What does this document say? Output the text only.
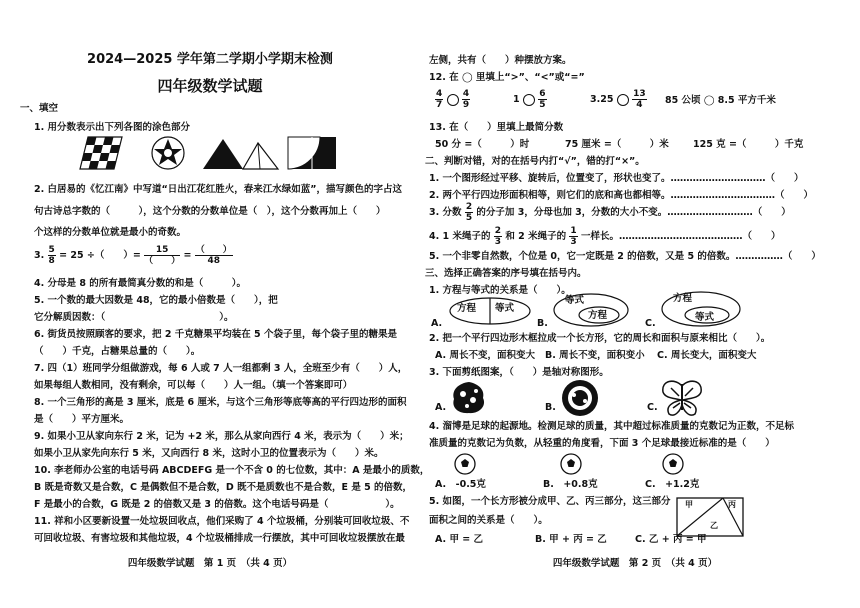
2024—2025 学年第二学期小学期末检测
四年级数学试题
一、填空
1. 用分数表示出下列各图的涂色部分
2. 白居易的《忆江南》中写道“日出江花红胜火，春来江水绿如蓝”，描写颜色的字占这
句古诗总字数的（　　　），这个分数的分数单位是（　），这个分数再加上（　　）
个这样的分数单位就是最小的奇数。
3. $\frac{5}{8} = 25$ ÷（　　）= $\frac{15}{( )} = \frac{( )}{48}$
4. 分母是 8 的所有最简真分数的和是（　　　）。
5. 一个数的最大因数是 48，它的最小倍数是（　　），把
它分解质因数：（　　　　　　　　　　　　）。
6. 街货员按照顾客的要求，把 2 千克糖果平均装在 5 个袋子里，每个袋子里的糖果是
（　　）千克，占糖果总量的（　　）。
7. 四（1）班同学分组做游戏，每 6 人或 7 人一组都剩 3 人，全班至少有（　　）人，
如果每组人数相同，没有剩余，可以每（　　）人一组。（填一个答案即可）
8. 一个三角形的高是 3 厘米，底是 6 厘米，与这个三角形等底等高的平行四边形的面积
是（　　）平方厘米。
9. 如果小卫从家向东行 2 米，记为 +2 米，那么从家向西行 4 米，表示为（　　）米；
如果小卫从家先向东行 5 米，又向西行 8 米，这时小卫的位置表示为（　　）米。
10. 李老师办公室的电话号码 ABCDEFG 是一个不含 0 的七位数，其中：A 是最小的质数，
B 既是奇数又是合数，C 是偶数但不是合数，D 既不是质数也不是合数，E 是 5 的倍数，
F 是最小的合数，G 既是 2 的倍数又是 3 的倍数。这个电话号码是（　　　　　　）。
11. 祥和小区要新设置一处垃圾回收点，他们采购了 4 个垃圾桶，分别装可回收垃圾、不
可回收垃圾、有害垃圾和其他垃圾，4 个垃圾桶排成一行摆放，其中可回收垃圾摆放在最
四年级数学试题　第 1 页　（共 4 页）
左侧，共有（　　）种摆放方案。
12. 在 ◯ 里填上“>”、“<”或“=”
$\frac{4}{7}$
$\frac{4}{9}$	$1 \frac{6}{5}$	$3.25 \frac{13}{4} 85$ 公顷 ◯ 8.5 平方千米
13. 在（　　）里填上最简分数
50 分 =（　　　）时	75 厘米 =（　　　）米	125 克 =（　　　）千克
二、判断对错，对的在括号内打“√”，错的打“×”。
1. 一个图形经过平移、旋转后，位置变了，形状也变了。…………………………（　　）
2. 两个平行四边形面积相等，则它们的底和高也都相等。……………………………（　　）
3. 分数 $\frac{2}{5}$ 的分子加 3，分母也加 3，分数的大小不变。………………………（　　）
4. 1 米绳子的 $\frac{2}{3}$ 和 2 米绳子的 $\frac{1}{3}$ 一样长。…………………………………（　　）
5. 一个非零自然数，个位是 0，它一定既是 2 的倍数，又是 5 的倍数。……………（　　）
三、选择正确答案的序号填在括号内。
1. 方程与等式的关系是（　　）。
A.
方程 等式
B.
等式
方程
C.
方程
等式
2. 把一个平行四边形木框拉成一个长方形，它的周长和面积与原来相比（　　）。
A. 周长不变，面积变大 B. 周长不变，面积变小 C. 周长变大，面积变大
3. 下面剪纸图案，（　　）是轴对称图形。
A.	B.	C.
4. 溜博是足球的起源地。检测足球的质量，其中超过标准质量的克数记为正数，不足标
准质量的克数记为负数，从轻重的角度看，下面 3 个足球最接近标准的是（　　）
A.　-0.5克	B.　+0.8克	C.　+1.2克
5. 如图，一个长方形被分成甲、乙、丙三部分，这三部分
面积之间的关系是（　　）。
甲	丙
乙
A. 甲 = 乙	B. 甲 + 丙 = 乙	C. 乙 + 丙 = 甲
四年级数学试题　第 2 页　（共 4 页）
